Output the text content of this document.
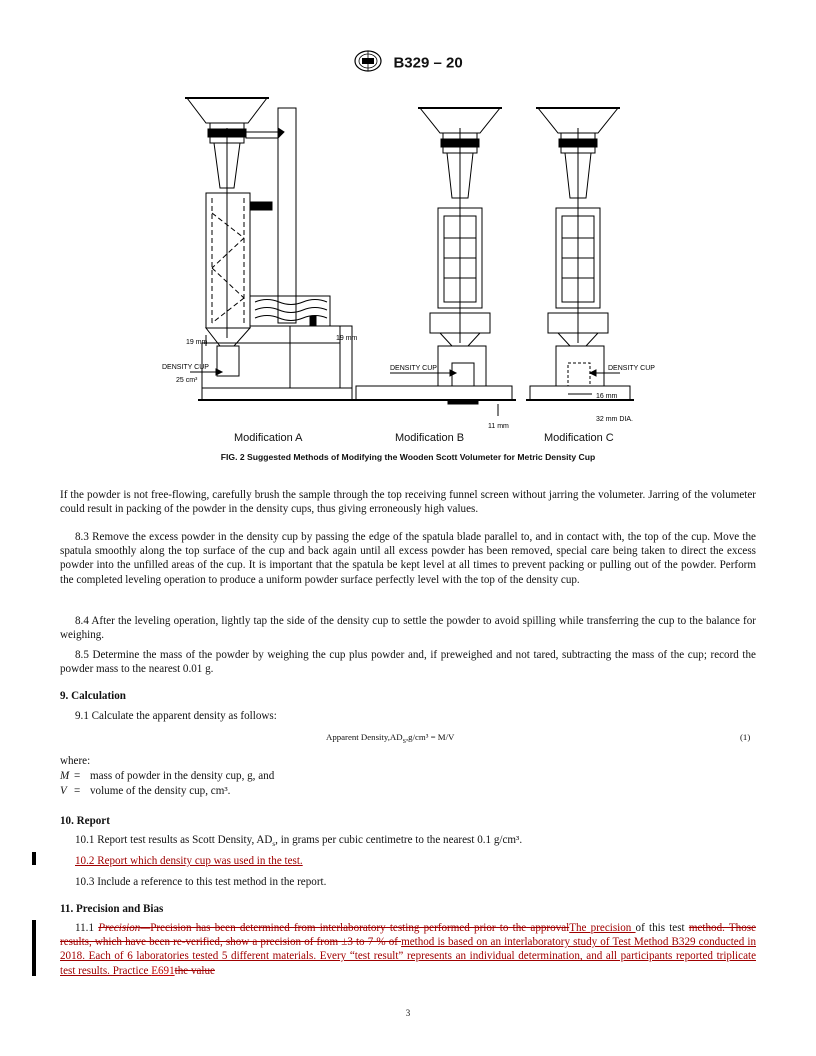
B329 – 20
19 mm
DENSITY CUP
25 cm³
19 mm
DENSITY CUP
11 mm
DENSITY CUP
16 mm
32 mm DIA.
Modification A	Modification B	Modification C
FIG. 2 Suggested Methods of Modifying the Wooden Scott Volumeter for Metric Density Cup
If the powder is not free-flowing, carefully brush the sample through the top receiving funnel screen without jarring the volumeter. Jarring of the volumeter could result in packing of the powder in the density cups, thus giving erroneously high values.
8.3 Remove the excess powder in the density cup by passing the edge of the spatula blade parallel to, and in contact with, the top of the cup. Move the spatula smoothly along the top surface of the cup and back again until all excess powder has been removed, special care being taken to direct the excess powder into the unfilled areas of the cup. It is important that the spatula be kept level at all times to prevent packing or pulling out of the powder. Perform the completed leveling operation to produce a uniform powder surface perfectly level with the top of the density cup.
8.4 After the leveling operation, lightly tap the side of the density cup to settle the powder to avoid spilling while transferring the cup to the balance for weighing.
8.5 Determine the mass of the powder by weighing the cup plus powder and, if preweighed and not tared, subtracting the mass of the cup; record the powder mass to the nearest 0.01 g.
9. Calculation
9.1 Calculate the apparent density as follows:
Apparent $Density,AD_S,g$/cm³ = M/V	(1)
where:
M = mass of powder in the density cup, g, and
V = volume of the density cup, cm³.
10. Report
10.1 Report test results as Scott Density, $AD_s$, in grams per cubic centimetre to the nearest 0.1 g/cm³.
10.2 Report which density cup was used in the test.
10.3 Include a reference to this test method in the report.
11. Precision and Bias
11.1 Precision—Precision has been determined from interlaboratory testing performed prior to the approvalThe precision of this test method. Those results, which have been re-verified, show a precision of from ±3 to 7 % of method is based on an interlaboratory study of Test Method B329 conducted in 2018. Each of 6 laboratories tested 5 different materials. Every “test result” represents an individual determination, and all participants reported triplicate test results. Practice E691the value
3
